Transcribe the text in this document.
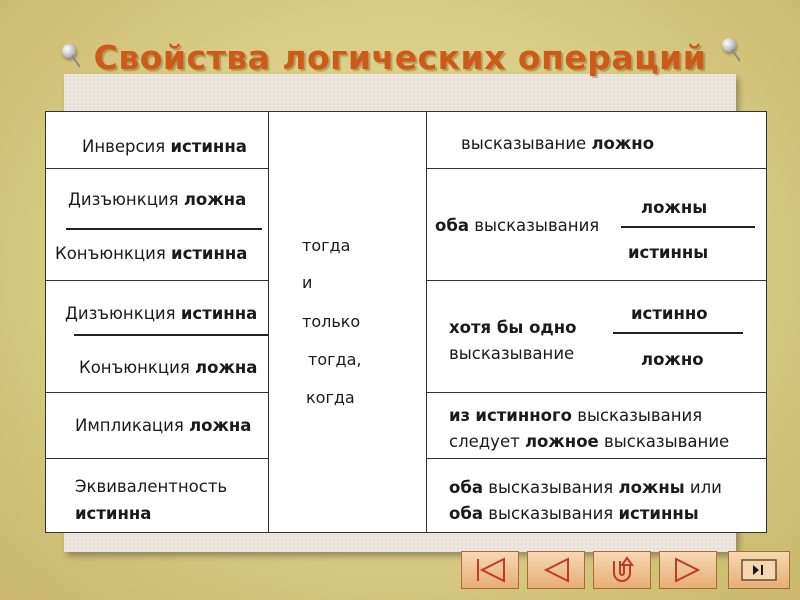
Свойства логических операций
Инверсия истинна
Дизъюнкция ложна
Конъюнкция истинна
Дизъюнкция истинна
Конъюнкция ложна
Импликация ложна
Эквивалентность
истинна
тогда
и
только
тогда,
когда
высказывание ложно
оба высказывания
ложны
истинны
хотя бы одно
высказывание
истинно
ложно
из истинного высказывания
следует ложное высказывание
оба высказывания ложны или
оба высказывания истинны
